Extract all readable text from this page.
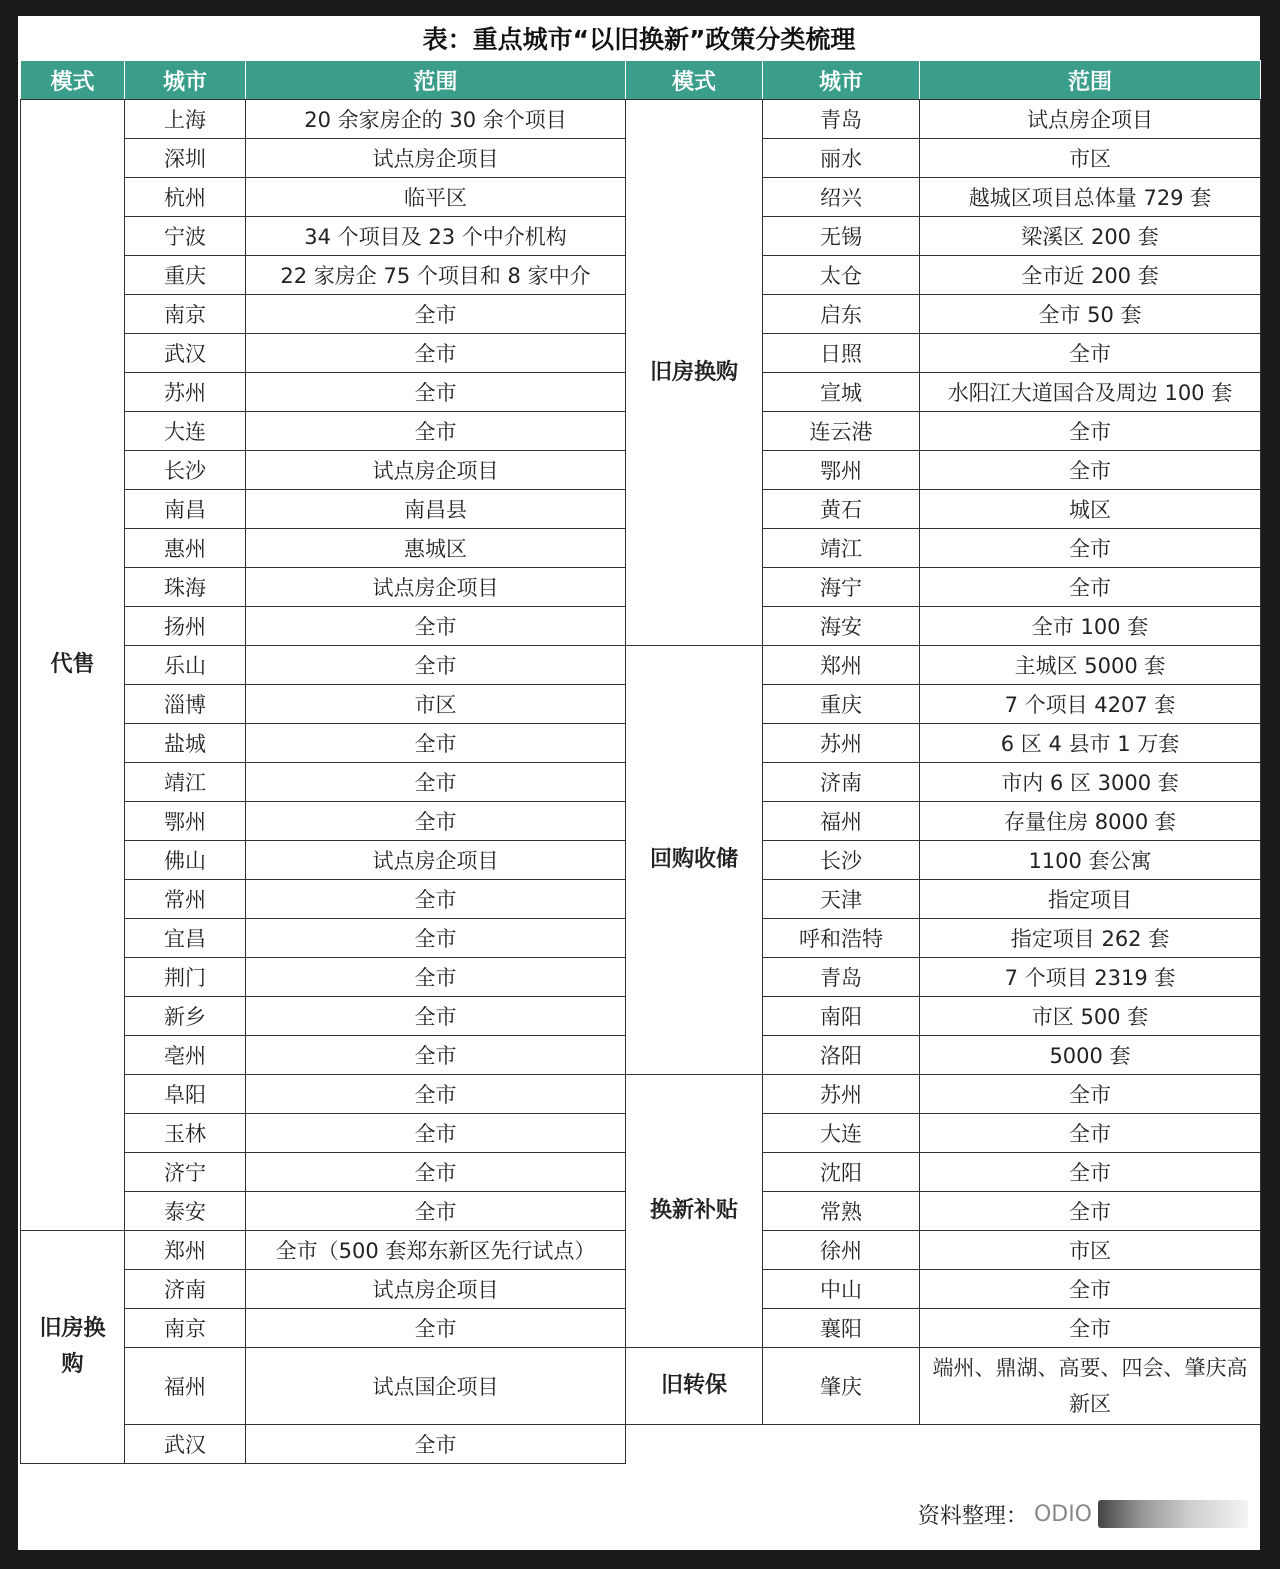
表：重点城市“以旧换新”政策分类梳理
模式	城市	范围	模式	城市	范围
代售	上海	20 余家房企的 30 余个项目	旧房换购	青岛	试点房企项目
	深圳	试点房企项目		丽水	市区
	杭州	临平区		绍兴	越城区项目总体量 729 套
	宁波	34 个项目及 23 个中介机构		无锡	梁溪区 200 套
	重庆	22 家房企 75 个项目和 8 家中介		太仓	全市近 200 套
	南京	全市		启东	全市 50 套
	武汉	全市		日照	全市
	苏州	全市		宣城	水阳江大道国合及周边 100 套
	大连	全市		连云港	全市
	长沙	试点房企项目		鄂州	全市
	南昌	南昌县		黄石	城区
	惠州	惠城区		靖江	全市
	珠海	试点房企项目		海宁	全市
	扬州	全市		海安	全市 100 套
	乐山	全市	回购收储	郑州	主城区 5000 套
	淄博	市区		重庆	7 个项目 4207 套
	盐城	全市		苏州	6 区 4 县市 1 万套
	靖江	全市		济南	市内 6 区 3000 套
	鄂州	全市		福州	存量住房 8000 套
	佛山	试点房企项目		长沙	1100 套公寓
	常州	全市		天津	指定项目
	宜昌	全市		呼和浩特	指定项目 262 套
	荆门	全市		青岛	7 个项目 2319 套
	新乡	全市		南阳	市区 500 套
	亳州	全市		洛阳	5000 套
	阜阳	全市	换新补贴	苏州	全市
	玉林	全市		大连	全市
	济宁	全市		沈阳	全市
	泰安	全市		常熟	全市
旧房换购	郑州	全市（500 套郑东新区先行试点）		徐州	市区
	济南	试点房企项目		中山	全市
	南京	全市		襄阳	全市
	福州	试点国企项目	旧转保	肇庆	端州、鼎湖、高要、四会、肇庆高新区
	武汉	全市			
资料整理： ODIO
